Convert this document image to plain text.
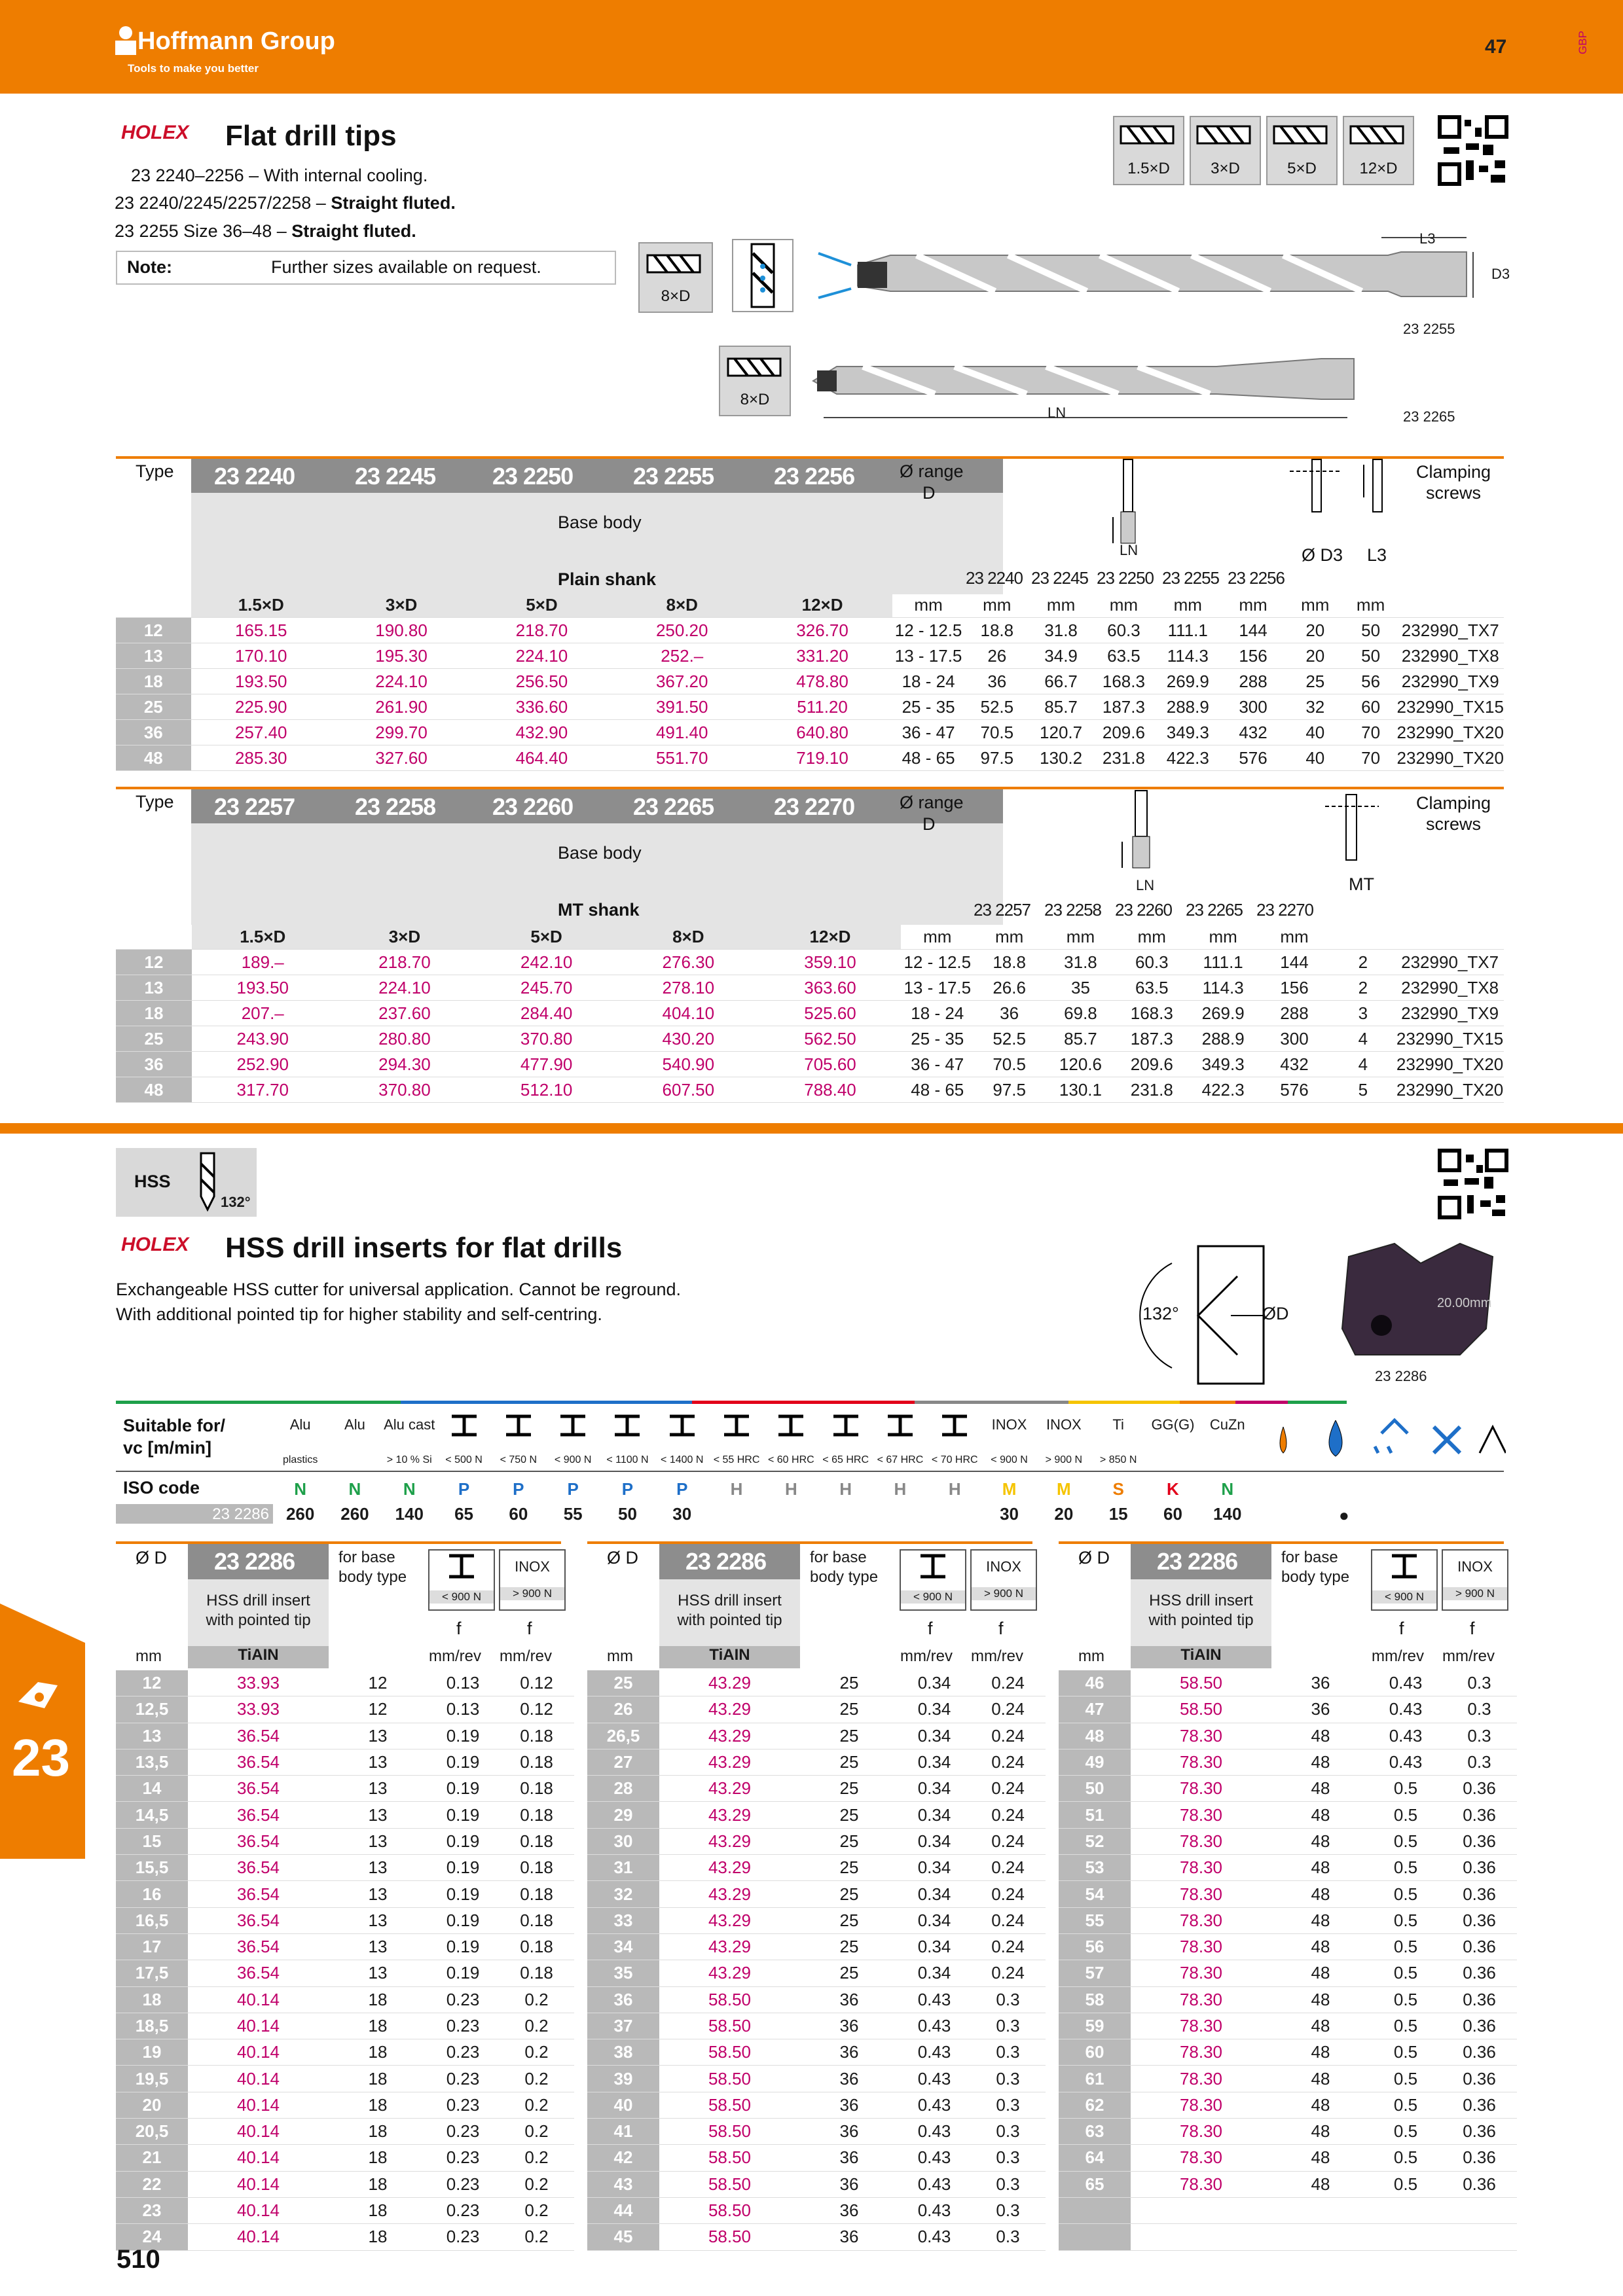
Hoffmann Group
Tools to make you better
47	GBP
HOLEX Flat drill tips
23 2240–2256 – With internal cooling.
23 2240/2245/2257/2258 – Straight fluted.
23 2255 Size 36–48 – Straight fluted.
Note:	Further sizes available on request.
1.5×D	3×D	5×D	12×D
8×D
L3
D3
23 2255
8×D
LN	23 2265
Type 23 2240	23 2245 23 2250	23 2255	23 2256
Base body
Plain shank
Ø range
D
LN	Ø D3 L3
Clamping screws
23 2240 23 2245 23 2250 23 2255 23 2256
	1.5×D	3×D	5×D	8×D	12×D	mm	mm	mm	mm	mm	mm	mm	mm	
12	165.15	190.80	218.70	250.20	326.70	12 - 12.5	18.8	31.8	60.3	111.1	144	20	50	232990_TX7
13	170.10	195.30	224.10	252.–	331.20	13 - 17.5	26	34.9	63.5	114.3	156	20	50	232990_TX8
18	193.50	224.10	256.50	367.20	478.80	18 - 24	36	66.7	168.3	269.9	288	25	56	232990_TX9
25	225.90	261.90	336.60	391.50	511.20	25 - 35	52.5	85.7	187.3	288.9	300	32	60	232990_TX15
36	257.40	299.70	432.90	491.40	640.80	36 - 47	70.5	120.7	209.6	349.3	432	40	70	232990_TX20
48	285.30	327.60	464.40	551.70	719.10	48 - 65	97.5	130.2	231.8	422.3	576	40	70	232990_TX20
Type 23 2257	23 2258 23 2260	23 2265	23 2270
Base body
MT shank
Ø range
D
LN	MT
Clamping screws
23 2257 23 2258 23 2260 23 2265 23 2270
	1.5×D	3×D	5×D	8×D	12×D	mm	mm	mm	mm	mm	mm		
12	189.–	218.70	242.10	276.30	359.10	12 - 12.5	18.8	31.8	60.3	111.1	144	2	232990_TX7
13	193.50	224.10	245.70	278.10	363.60	13 - 17.5	26.6	35	63.5	114.3	156	2	232990_TX8
18	207.–	237.60	284.40	404.10	525.60	18 - 24	36	69.8	168.3	269.9	288	3	232990_TX9
25	243.90	280.80	370.80	430.20	562.50	25 - 35	52.5	85.7	187.3	288.9	300	4	232990_TX15
36	252.90	294.30	477.90	540.90	705.60	36 - 47	70.5	120.6	209.6	349.3	432	4	232990_TX20
48	317.70	370.80	512.10	607.50	788.40	48 - 65	97.5	130.1	231.8	422.3	576	5	232990_TX20
HSS
132°
HOLEX HSS drill inserts for flat drills
Exchangeable HSS cutter for universal application. Cannot be reground.
With additional pointed tip for higher stability and self-centring.	132°	ØD
20.00mm
23 2286
Suitable for/
vc [m/min]
ISO code
23 2286
Alu
plastics
N
260
Alu
N
260
Alu cast
> 10 % Si
N
140
< 500 N
P
65
< 750 N
P
60
< 900 N
P
55
< 1100 N
P
50
< 1400 N
P
30
< 55 HRC
H
< 60 HRC
H
< 65 HRC
H
< 67 HRC
H
< 70 HRC
H
INOX
< 900 N
M
30
INOX
> 900 N
M
20
Ti
> 850 N
S
15
GG(G)
K
60
CuZn
N
140	●
Ø D 23 2286
HSS drill insert with pointed tip
for base body type
< 900 N
INOX
> 900 N
f	f
mm	TiAIN	mm/rev mm/rev
12	33.93	12	0.13	0.12
12,5	33.93	12	0.13	0.12
13	36.54	13	0.19	0.18
13,5	36.54	13	0.19	0.18
14	36.54	13	0.19	0.18
14,5	36.54	13	0.19	0.18
15	36.54	13	0.19	0.18
15,5	36.54	13	0.19	0.18
16	36.54	13	0.19	0.18
16,5	36.54	13	0.19	0.18
17	36.54	13	0.19	0.18
17,5	36.54	13	0.19	0.18
18	40.14	18	0.23	0.2
18,5	40.14	18	0.23	0.2
19	40.14	18	0.23	0.2
19,5	40.14	18	0.23	0.2
20	40.14	18	0.23	0.2
20,5	40.14	18	0.23	0.2
21	40.14	18	0.23	0.2
22	40.14	18	0.23	0.2
23	40.14	18	0.23	0.2
24	40.14	18	0.23	0.2
Ø D 23 2286
HSS drill insert with pointed tip
for base body type
< 900 N
INOX
> 900 N
f	f
mm	TiAIN	mm/rev mm/rev
25	43.29	25	0.34	0.24
26	43.29	25	0.34	0.24
26,5	43.29	25	0.34	0.24
27	43.29	25	0.34	0.24
28	43.29	25	0.34	0.24
29	43.29	25	0.34	0.24
30	43.29	25	0.34	0.24
31	43.29	25	0.34	0.24
32	43.29	25	0.34	0.24
33	43.29	25	0.34	0.24
34	43.29	25	0.34	0.24
35	43.29	25	0.34	0.24
36	58.50	36	0.43	0.3
37	58.50	36	0.43	0.3
38	58.50	36	0.43	0.3
39	58.50	36	0.43	0.3
40	58.50	36	0.43	0.3
41	58.50	36	0.43	0.3
42	58.50	36	0.43	0.3
43	58.50	36	0.43	0.3
44	58.50	36	0.43	0.3
45	58.50	36	0.43	0.3
Ø D 23 2286
HSS drill insert with pointed tip
for base body type
< 900 N
INOX
> 900 N
f	f
mm	TiAIN	mm/rev mm/rev
46	58.50	36	0.43	0.3
47	58.50	36	0.43	0.3
48	78.30	48	0.43	0.3
49	78.30	48	0.43	0.3
50	78.30	48	0.5	0.36
51	78.30	48	0.5	0.36
52	78.30	48	0.5	0.36
53	78.30	48	0.5	0.36
54	78.30	48	0.5	0.36
55	78.30	48	0.5	0.36
56	78.30	48	0.5	0.36
57	78.30	48	0.5	0.36
58	78.30	48	0.5	0.36
59	78.30	48	0.5	0.36
60	78.30	48	0.5	0.36
61	78.30	48	0.5	0.36
62	78.30	48	0.5	0.36
63	78.30	48	0.5	0.36
64	78.30	48	0.5	0.36
65	78.30	48	0.5	0.36

23
510
